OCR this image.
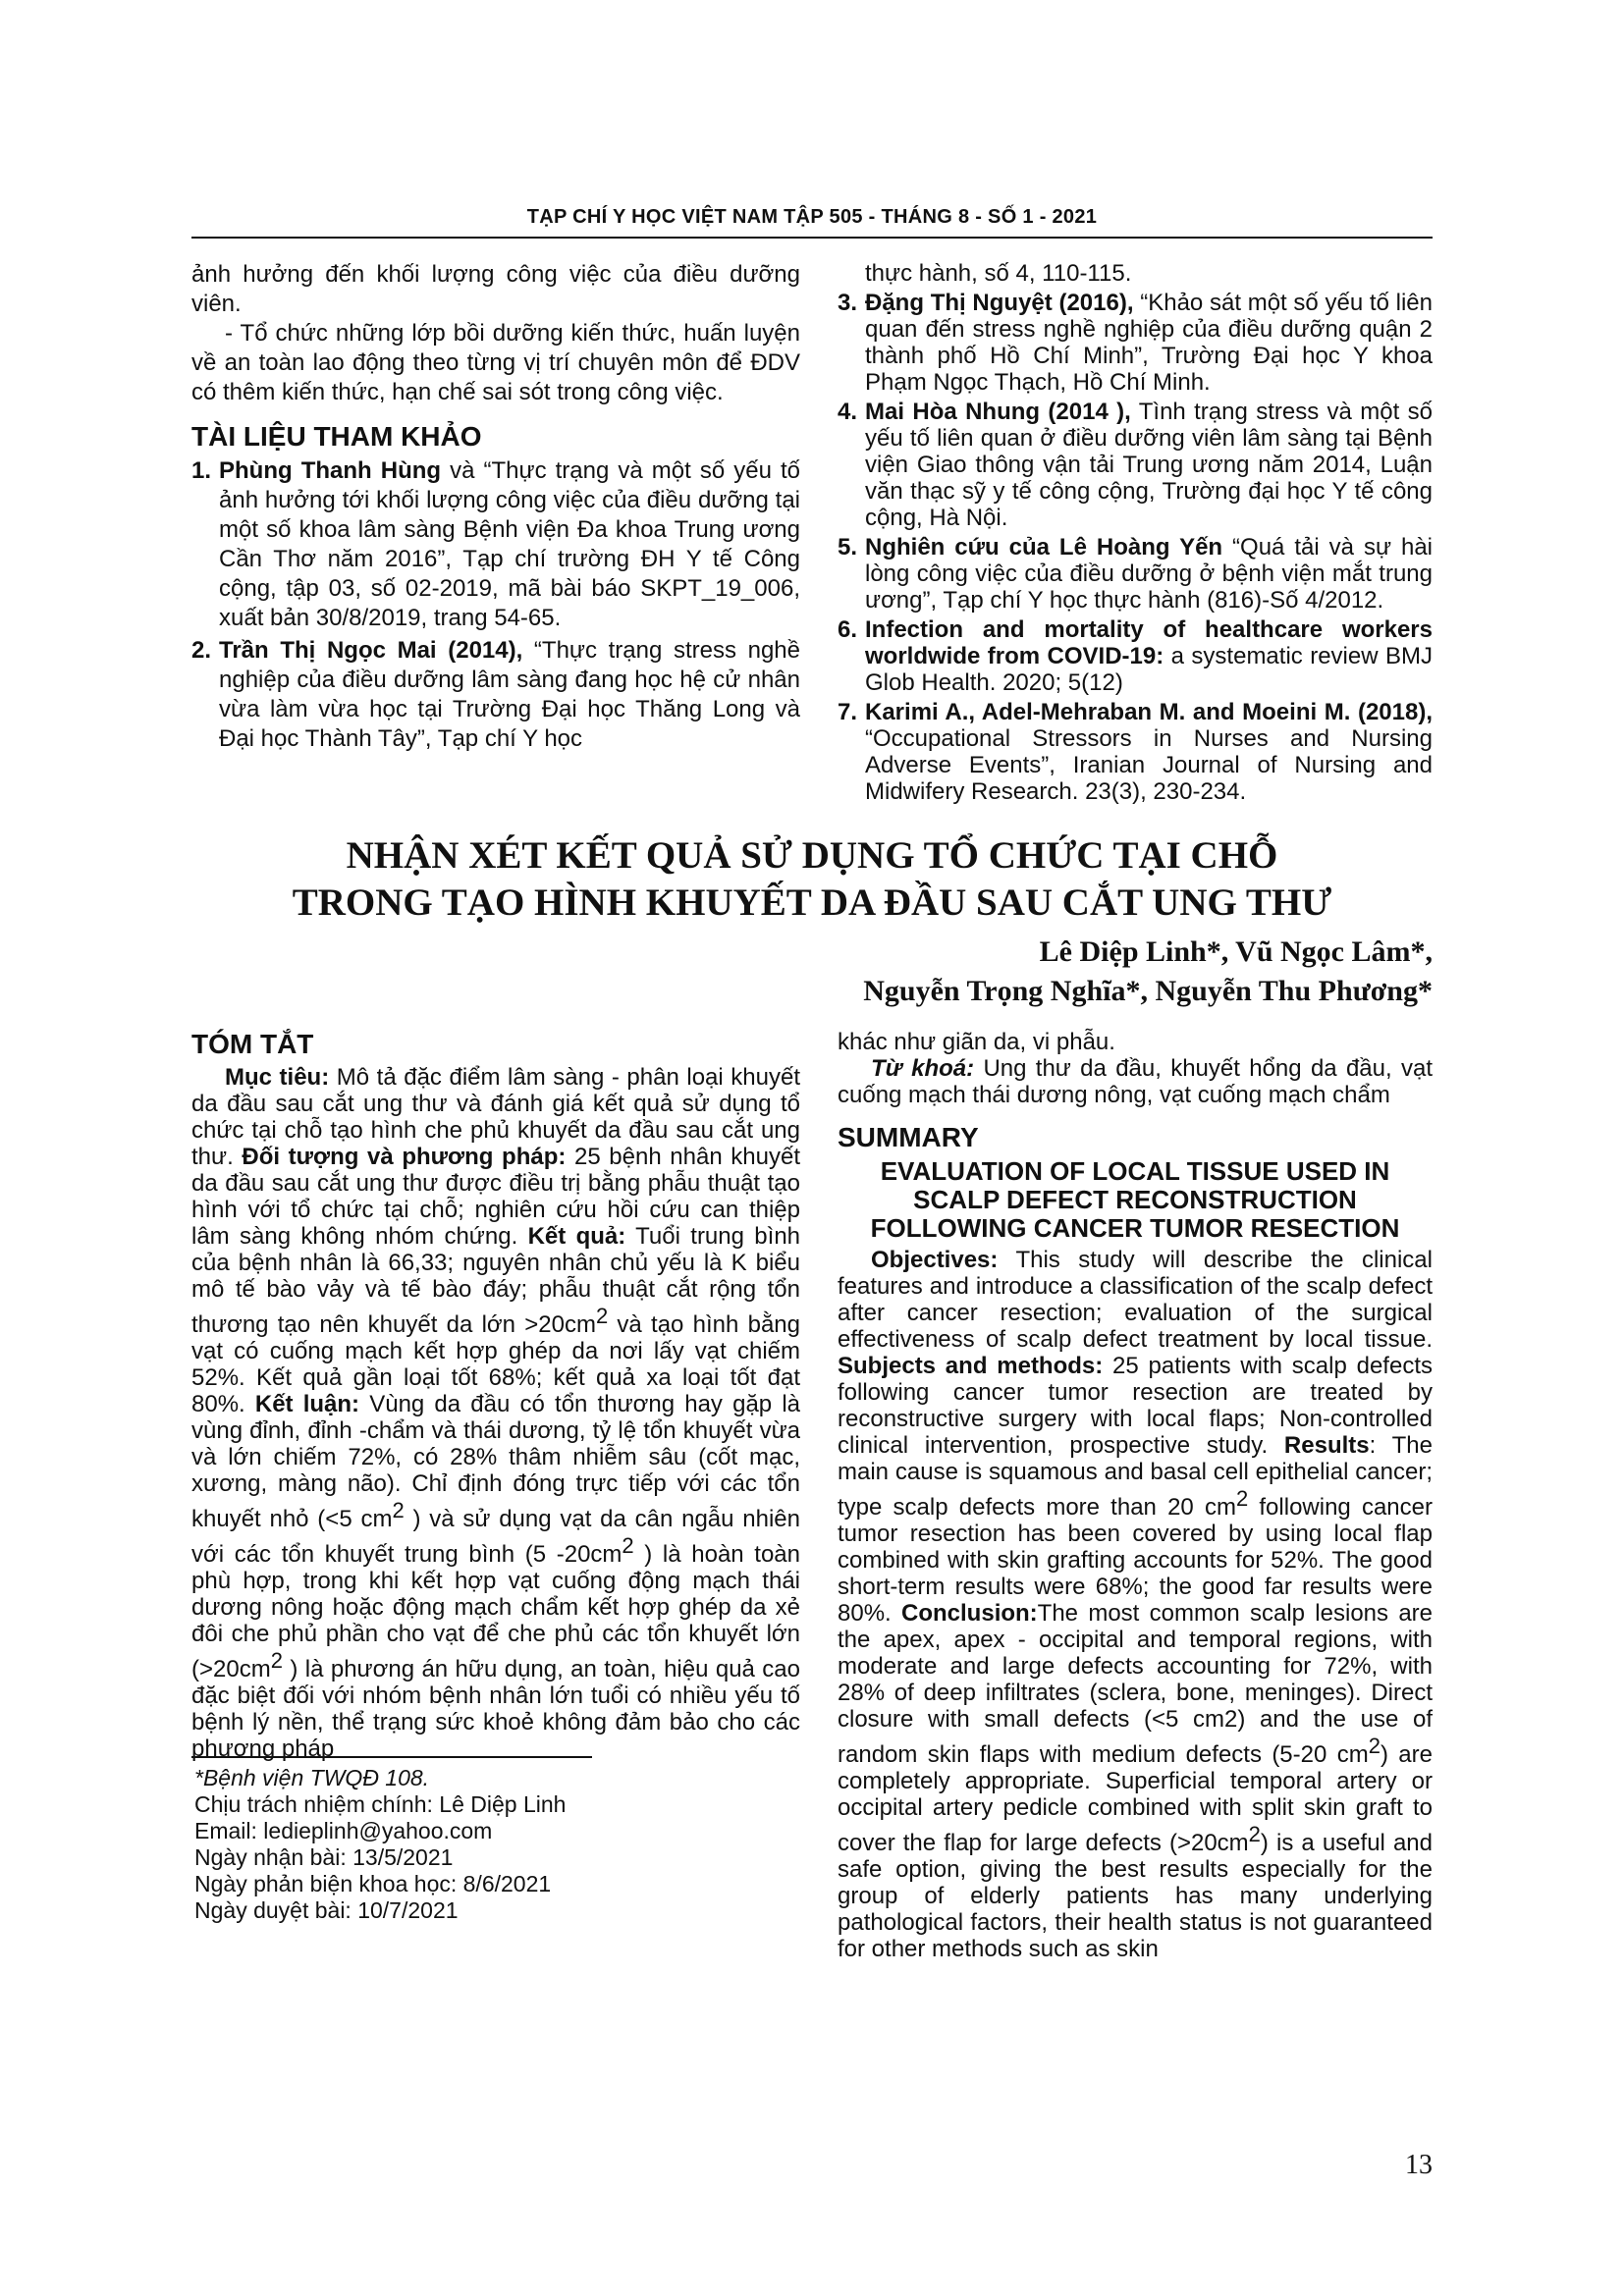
TẠP CHÍ Y HỌC VIỆT NAM TẬP 505 - THÁNG 8 - SỐ 1 - 2021

ảnh hưởng đến khối lượng công việc của điều dưỡng viên.

- Tổ chức những lớp bồi dưỡng kiến thức, huấn luyện về an toàn lao động theo từng vị trí chuyên môn để ĐDV có thêm kiến thức, hạn chế sai sót trong công việc.

TÀI LIỆU THAM KHẢO
1. Phùng Thanh Hùng và “Thực trạng và một số yếu tố ảnh hưởng tới khối lượng công việc của điều dưỡng tại một số khoa lâm sàng Bệnh viện Đa khoa Trung ương Cần Thơ năm 2016”, Tạp chí trường ĐH Y tế Công cộng, tập 03, số 02-2019, mã bài báo SKPT_19_006, xuất bản 30/8/2019, trang 54-65.
2. Trần Thị Ngọc Mai (2014), “Thực trạng stress nghề nghiệp của điều dưỡng lâm sàng đang học hệ cử nhân vừa làm vừa học tại Trường Đại học Thăng Long và Đại học Thành Tây”, Tạp chí Y học
thực hành, số 4, 110-115.
3. Đặng Thị Nguyệt (2016), “Khảo sát một số yếu tố liên quan đến stress nghề nghiệp của điều dưỡng quận 2 thành phố Hồ Chí Minh”, Trường Đại học Y khoa Phạm Ngọc Thạch, Hồ Chí Minh.
4. Mai Hòa Nhung (2014 ), Tình trạng stress và một số yếu tố liên quan ở điều dưỡng viên lâm sàng tại Bệnh viện Giao thông vận tải Trung ương năm 2014, Luận văn thạc sỹ y tế công cộng, Trường đại học Y tế công cộng, Hà Nội.
5. Nghiên cứu của Lê Hoàng Yến “Quá tải và sự hài lòng công việc của điều dưỡng ở bệnh viện mắt trung ương”, Tạp chí Y học thực hành (816)-Số 4/2012.
6. Infection and mortality of healthcare workers worldwide from COVID-19: a systematic review BMJ Glob Health. 2020; 5(12)
7. Karimi A., Adel-Mehraban M. and Moeini M. (2018), “Occupational Stressors in Nurses and Nursing Adverse Events”, Iranian Journal of Nursing and Midwifery Research. 23(3), 230-234.
NHẬN XÉT KẾT QUẢ SỬ DỤNG TỔ CHỨC TẠI CHỖ
TRONG TẠO HÌNH KHUYẾT DA ĐẦU SAU CẮT UNG THƯ
Lê Diệp Linh*, Vũ Ngọc Lâm*,
Nguyễn Trọng Nghĩa*, Nguyễn Thu Phương*
TÓM TẮT

Mục tiêu: Mô tả đặc điểm lâm sàng - phân loại khuyết da đầu sau cắt ung thư và đánh giá kết quả sử dụng tổ chức tại chỗ tạo hình che phủ khuyết da đầu sau cắt ung thư. Đối tượng và phương pháp: 25 bệnh nhân khuyết da đầu sau cắt ung thư được điều trị bằng phẫu thuật tạo hình với tổ chức tại chỗ; nghiên cứu hồi cứu can thiệp lâm sàng không nhóm chứng. Kết quả: Tuổi trung bình của bệnh nhân là 66,33; nguyên nhân chủ yếu là K biểu mô tế bào vảy và tế bào đáy; phẫu thuật cắt rộng tổn thương tạo nên khuyết da lớn $>20cm^2$ và tạo hình bằng vạt có cuống mạch kết hợp ghép da nơi lấy vạt chiếm 52%. Kết quả gần loại tốt 68%; kết quả xa loại tốt đạt 80%. Kết luận: Vùng da đầu có tổn thương hay gặp là vùng đỉnh, đỉnh -chẩm và thái dương, tỷ lệ tổn khuyết vừa và lớn chiếm 72%, có 28% thâm nhiễm sâu (cốt mạc, xương, màng não). Chỉ định đóng trực tiếp với các tổn khuyết nhỏ (<5 $cm^2$ ) và sử dụng vạt da cân ngẫu nhiên với các tổn khuyết trung bình (5 $-20cm^2$ ) là hoàn toàn phù hợp, trong khi kết hợp vạt cuống động mạch thái dương nông hoặc động mạch chẩm kết hợp ghép da xẻ đôi che phủ phần cho vạt để che phủ các tổn khuyết lớn ($>20cm^2$ ) là phương án hữu dụng, an toàn, hiệu quả cao đặc biệt đối với nhóm bệnh nhân lớn tuổi có nhiều yếu tố bệnh lý nền, thể trạng sức khoẻ không đảm bảo cho các phương pháp

*Bệnh viện TWQĐ 108.
Chịu trách nhiệm chính: Lê Diệp Linh
Email: ledieplinh@yahoo.com
Ngày nhận bài: 13/5/2021
Ngày phản biện khoa học: 8/6/2021
Ngày duyệt bài: 10/7/2021

khác như giãn da, vi phẫu.

Từ khoá: Ung thư da đầu, khuyết hổng da đầu, vạt cuống mạch thái dương nông, vạt cuống mạch chẩm

SUMMARY
EVALUATION OF LOCAL TISSUE USED IN SCALP DEFECT RECONSTRUCTION FOLLOWING CANCER TUMOR RESECTION

Objectives: This study will describe the clinical features and introduce a classification of the scalp defect after cancer resection; evaluation of the surgical effectiveness of scalp defect treatment by local tissue. Subjects and methods: 25 patients with scalp defects following cancer tumor resection are treated by reconstructive surgery with local flaps; Non-controlled clinical intervention, prospective study. Results: The main cause is squamous and basal cell epithelial cancer; type scalp defects more than 20 $cm^2$ following cancer tumor resection has been covered by using local flap combined with skin grafting accounts for 52%. The good short-term results were 68%; the good far results were 80%. Conclusion:The most common scalp lesions are the apex, apex - occipital and temporal regions, with moderate and large defects accounting for 72%, with 28% of deep infiltrates (sclera, bone, meninges). Direct closure with small defects (<5 cm2) and the use of random skin flaps with medium defects (5-20 $cm^2$) are completely appropriate. Superficial temporal artery or occipital artery pedicle combined with split skin graft to cover the flap for large defects $(>20cm^2)$ is a useful and safe option, giving the best results especially for the group of elderly patients has many underlying pathological factors, their health status is not guaranteed for other methods such as skin

13
